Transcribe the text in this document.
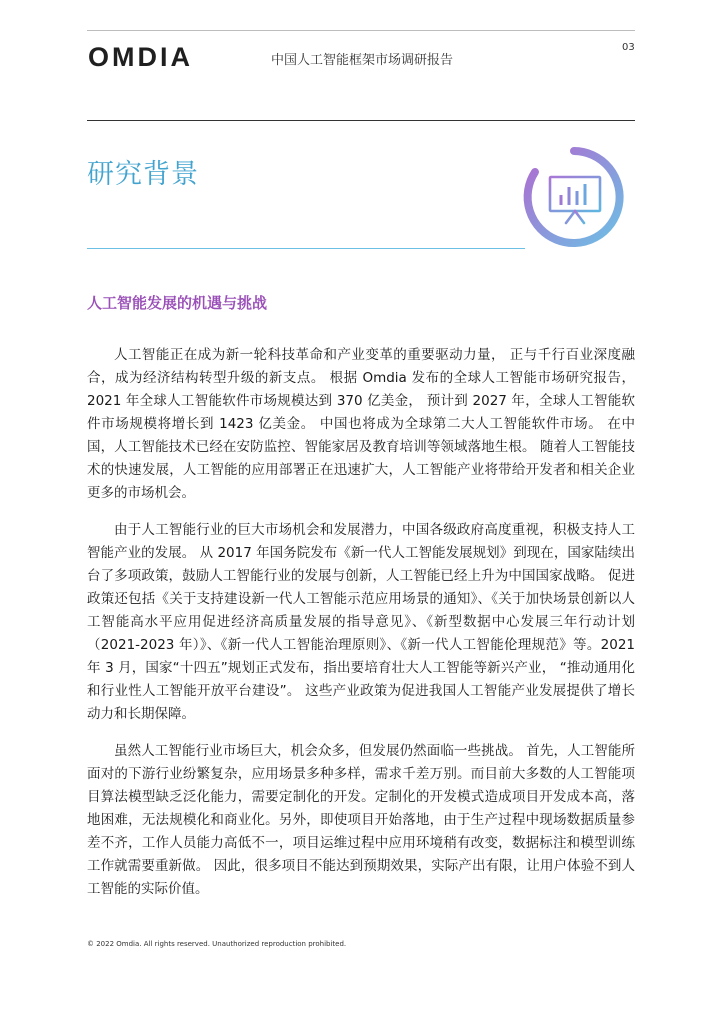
OMDIA	中国人工智能框架市场调研报告
03
研究背景
人工智能发展的机遇与挑战

人工智能正在成为新一轮科技革命和产业变革的重要驱动力量， 正与千行百业深度融合，成为经济结构转型升级的新支点。 根据 Omdia 发布的全球人工智能市场研究报告，2021 年全球人工智能软件市场规模达到 370 亿美金， 预计到 2027 年，全球人工智能软件市场规模将增长到 1423 亿美金。 中国也将成为全球第二大人工智能软件市场。 在中国，人工智能技术已经在安防监控、智能家居及教育培训等领域落地生根。 随着人工智能技术的快速发展，人工智能的应用部署正在迅速扩大，人工智能产业将带给开发者和相关企业更多的市场机会。

由于人工智能行业的巨大市场机会和发展潜力，中国各级政府高度重视，积极支持人工智能产业的发展。 从 2017 年国务院发布《新一代人工智能发展规划》到现在，国家陆续出台了多项政策，鼓励人工智能行业的发展与创新，人工智能已经上升为中国国家战略。 促进政策还包括《关于支持建设新一代人工智能示范应用场景的通知》、《关于加快场景创新以人工智能高水平应用促进经济高质量发展的指导意见》、《新型数据中心发展三年行动计划（2021-2023 年）》、《新一代人工智能治理原则》、《新一代人工智能伦理规范》等。2021 年 3 月，国家“十四五”规划正式发布，指出要培育壮大人工智能等新兴产业， “推动通用化和行业性人工智能开放平台建设”。 这些产业政策为促进我国人工智能产业发展提供了增长动力和长期保障。

虽然人工智能行业市场巨大，机会众多，但发展仍然面临一些挑战。 首先，人工智能所面对的下游行业纷繁复杂，应用场景多种多样，需求千差万别。而目前大多数的人工智能项目算法模型缺乏泛化能力，需要定制化的开发。定制化的开发模式造成项目开发成本高，落地困难，无法规模化和商业化。另外，即使项目开始落地，由于生产过程中现场数据质量参差不齐，工作人员能力高低不一，项目运维过程中应用环境稍有改变，数据标注和模型训练工作就需要重新做。 因此，很多项目不能达到预期效果，实际产出有限，让用户体验不到人工智能的实际价值。

© 2022 Omdia. All rights reserved. Unauthorized reproduction prohibited.
